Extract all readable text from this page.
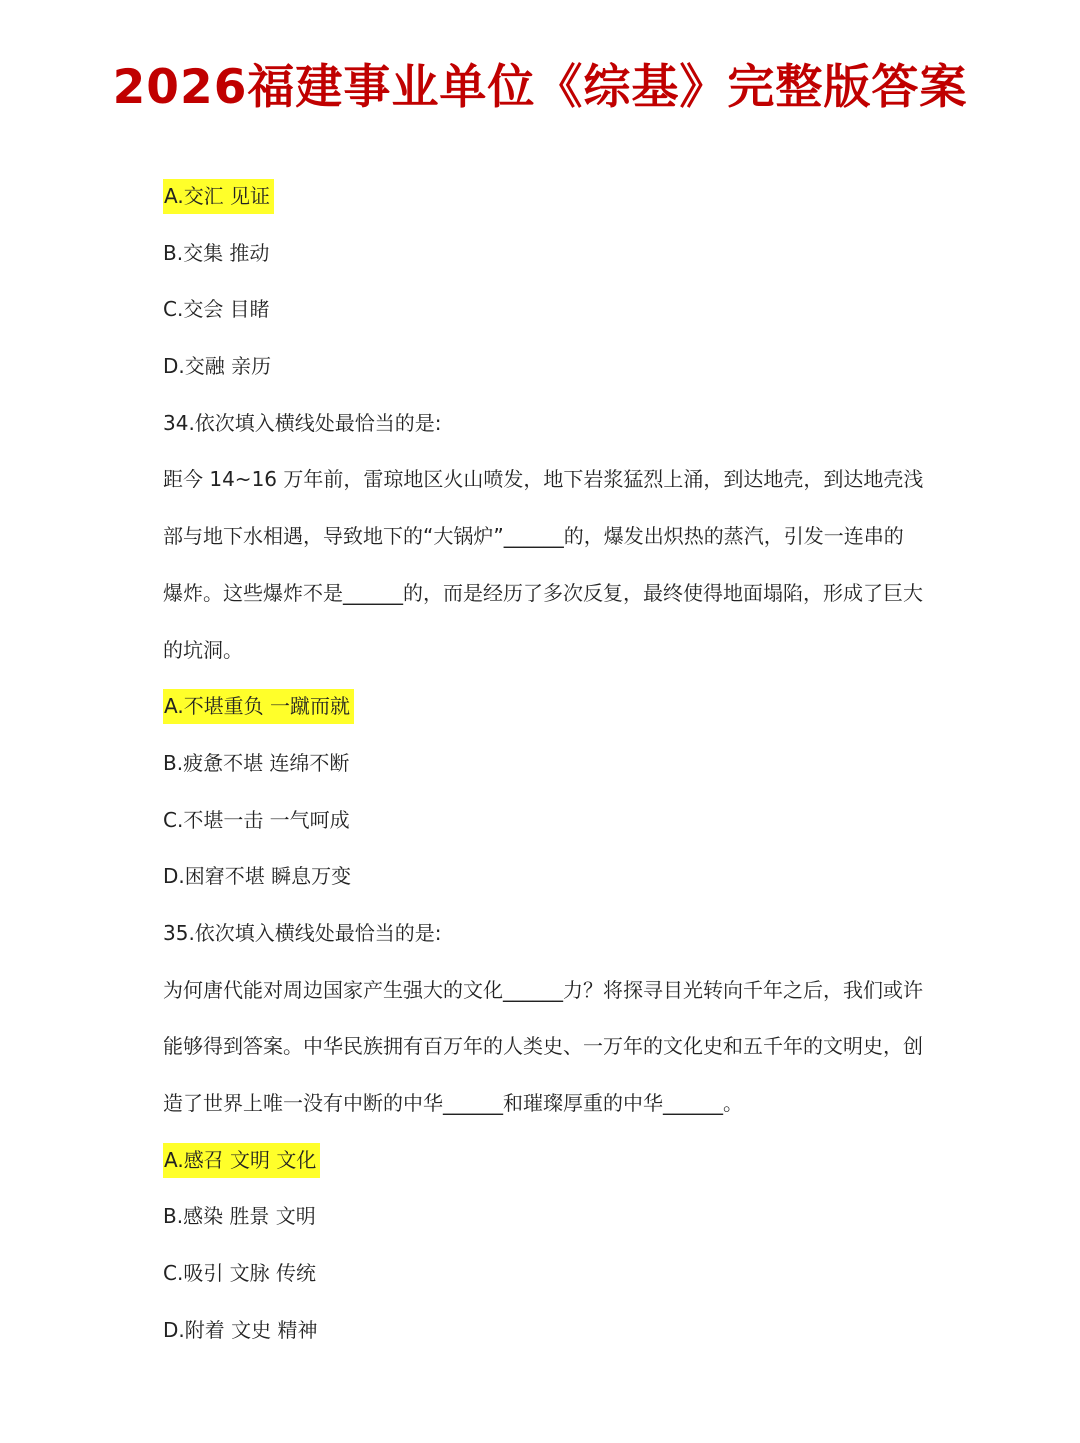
2026福建事业单位《综基》完整版答案

A.交汇 见证

B.交集 推动

C.交会 目睹

D.交融 亲历

34.依次填入横线处最恰当的是:

距今 14~16 万年前，雷琼地区火山喷发，地下岩浆猛烈上涌，到达地壳，到达地壳浅

部与地下水相遇，导致地下的“大锅炉”______的，爆发出炽热的蒸汽，引发一连串的

爆炸。这些爆炸不是______的，而是经历了多次反复，最终使得地面塌陷，形成了巨大

的坑洞。

A.不堪重负 一蹴而就

B.疲惫不堪 连绵不断

C.不堪一击 一气呵成

D.困窘不堪 瞬息万变

35.依次填入横线处最恰当的是:

为何唐代能对周边国家产生强大的文化______力？将探寻目光转向千年之后，我们或许

能够得到答案。中华民族拥有百万年的人类史、一万年的文化史和五千年的文明史，创

造了世界上唯一没有中断的中华______和璀璨厚重的中华______。

A.感召 文明 文化

B.感染 胜景 文明

C.吸引 文脉 传统

D.附着 文史 精神
